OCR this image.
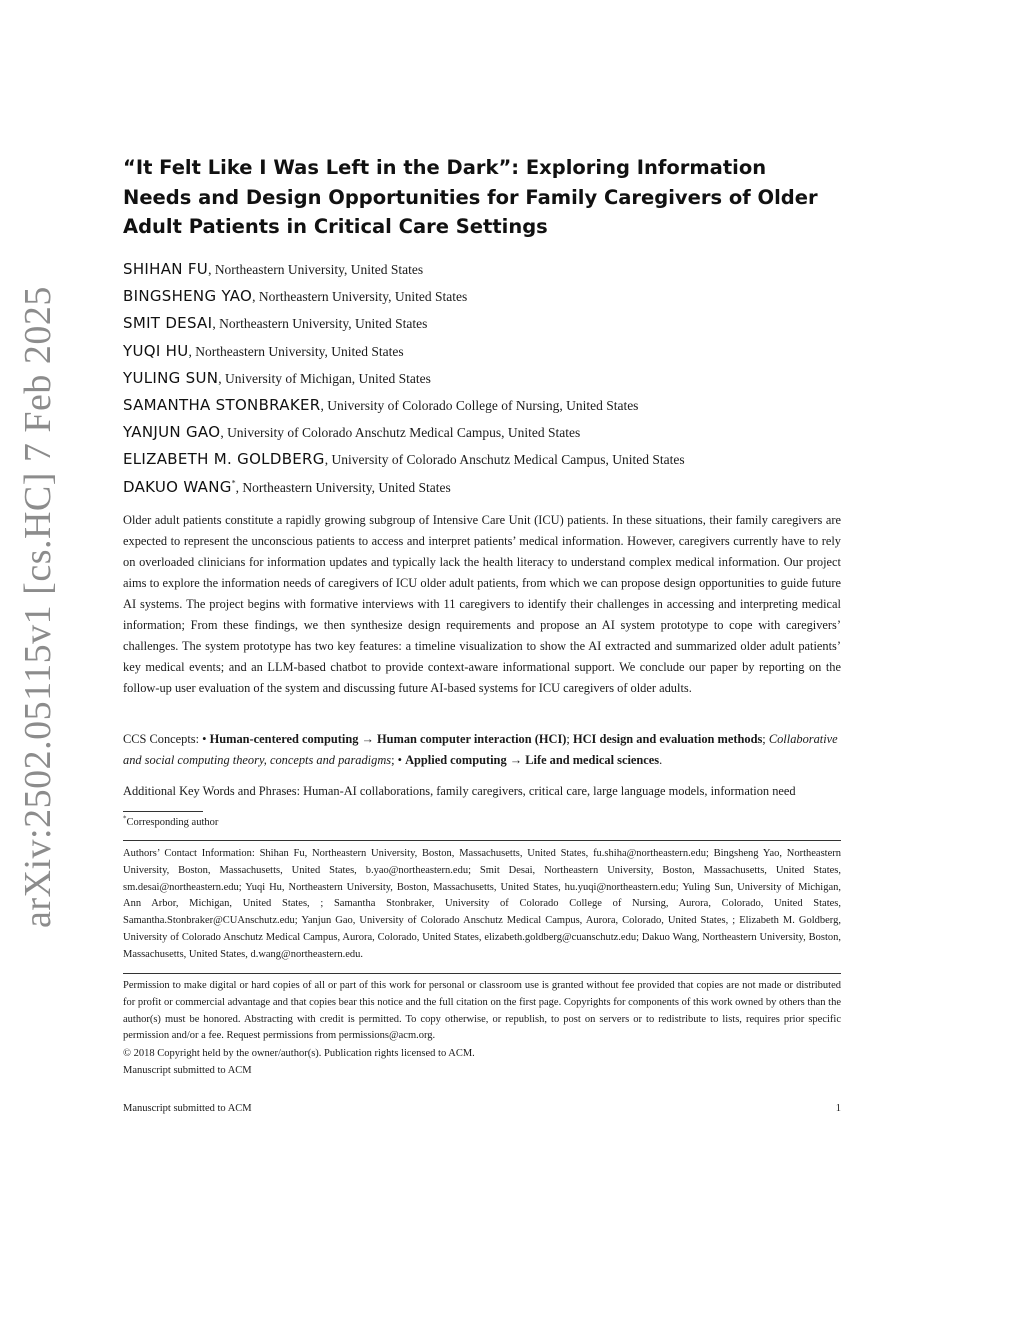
arXiv:2502.05115v1 [cs.HC] 7 Feb 2025
“It Felt Like I Was Left in the Dark”: Exploring Information Needs and Design Opportunities for Family Caregivers of Older Adult Patients in Critical Care Settings
SHIHAN FU, Northeastern University, United States
BINGSHENG YAO, Northeastern University, United States
SMIT DESAI, Northeastern University, United States
YUQI HU, Northeastern University, United States
YULING SUN, University of Michigan, United States
SAMANTHA STONBRAKER, University of Colorado College of Nursing, United States
YANJUN GAO, University of Colorado Anschutz Medical Campus, United States
ELIZABETH M. GOLDBERG, University of Colorado Anschutz Medical Campus, United States
DAKUO WANG*, Northeastern University, United States

Older adult patients constitute a rapidly growing subgroup of Intensive Care Unit (ICU) patients. In these situations, their family caregivers are expected to represent the unconscious patients to access and interpret patients’ medical information. However, caregivers currently have to rely on overloaded clinicians for information updates and typically lack the health literacy to understand complex medical information. Our project aims to explore the information needs of caregivers of ICU older adult patients, from which we can propose design opportunities to guide future AI systems. The project begins with formative interviews with 11 caregivers to identify their challenges in accessing and interpreting medical information; From these findings, we then synthesize design requirements and propose an AI system prototype to cope with caregivers’ challenges. The system prototype has two key features: a timeline visualization to show the AI extracted and summarized older adult patients’ key medical events; and an LLM-based chatbot to provide context-aware informational support. We conclude our paper by reporting on the follow-up user evaluation of the system and discussing future AI-based systems for ICU caregivers of older adults.

CCS Concepts: • Human-centered computing → Human computer interaction (HCI); HCI design and evaluation methods; Collaborative and social computing theory, concepts and paradigms; • Applied computing → Life and medical sciences.

Additional Key Words and Phrases: Human-AI collaborations, family caregivers, critical care, large language models, information need

*Corresponding author

Authors’ Contact Information: Shihan Fu, Northeastern University, Boston, Massachusetts, United States, fu.shiha@northeastern.edu; Bingsheng Yao, Northeastern University, Boston, Massachusetts, United States, b.yao@northeastern.edu; Smit Desai, Northeastern University, Boston, Massachusetts, United States, sm.desai@northeastern.edu; Yuqi Hu, Northeastern University, Boston, Massachusetts, United States, hu.yuqi@northeastern.edu; Yuling Sun, University of Michigan, Ann Arbor, Michigan, United States, ; Samantha Stonbraker, University of Colorado College of Nursing, Aurora, Colorado, United States, Samantha.Stonbraker@CUAnschutz.edu; Yanjun Gao, University of Colorado Anschutz Medical Campus, Aurora, Colorado, United States, ; Elizabeth M. Goldberg, University of Colorado Anschutz Medical Campus, Aurora, Colorado, United States, elizabeth.goldberg@cuanschutz.edu; Dakuo Wang, Northeastern University, Boston, Massachusetts, United States, d.wang@northeastern.edu.

Permission to make digital or hard copies of all or part of this work for personal or classroom use is granted without fee provided that copies are not made or distributed for profit or commercial advantage and that copies bear this notice and the full citation on the first page. Copyrights for components of this work owned by others than the author(s) must be honored. Abstracting with credit is permitted. To copy otherwise, or republish, to post on servers or to redistribute to lists, requires prior specific permission and/or a fee. Request permissions from permissions@acm.org.

© 2018 Copyright held by the owner/author(s). Publication rights licensed to ACM.

Manuscript submitted to ACM

Manuscript submitted to ACM	1
